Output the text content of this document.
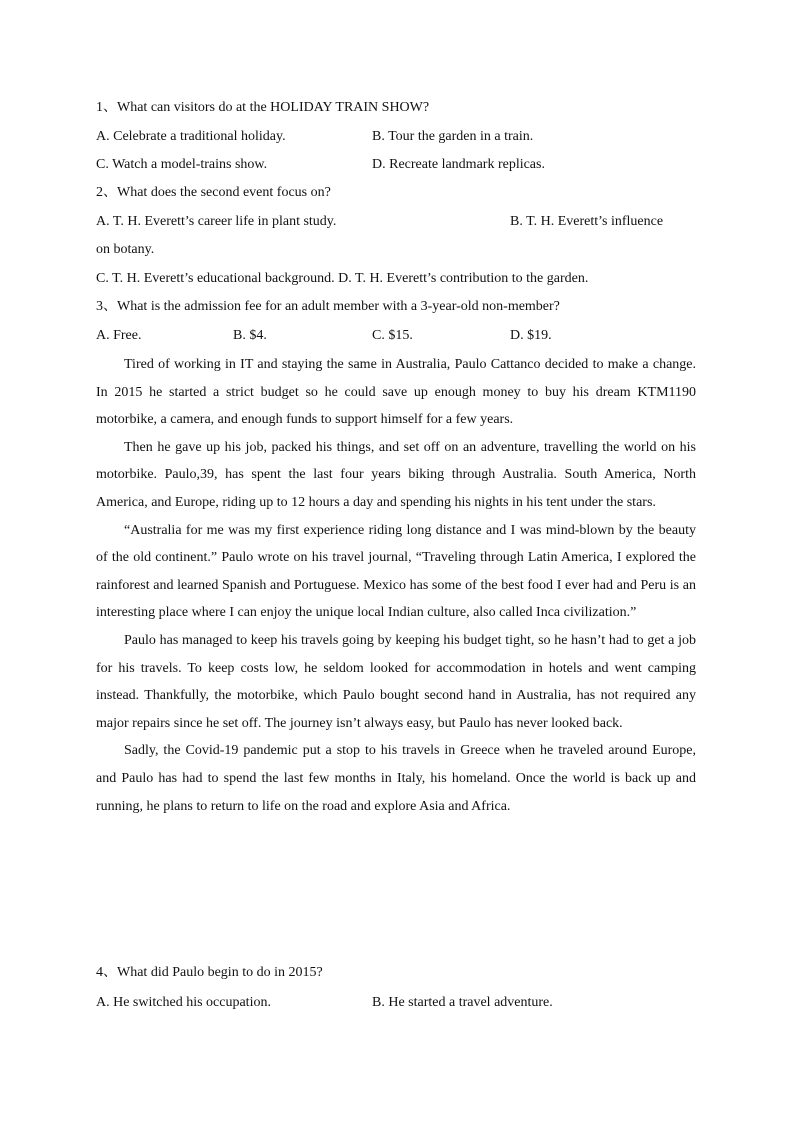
1、What can visitors do at the HOLIDAY TRAIN SHOW?
A. Celebrate a traditional holiday.	B. Tour the garden in a train.
C. Watch a model-trains show.	D. Recreate landmark replicas.
2、What does the second event focus on?
A. T. H. Everett’s career life in plant study.	B. T. H. Everett’s influence
on botany.
C. T. H. Everett’s educational background. D. T. H. Everett’s contribution to the garden.
3、What is the admission fee for an adult member with a 3-year-old non-member?
A. Free.	B. $4.	C. $15.	D. $19.

Tired of working in IT and staying the same in Australia, Paulo Cattanco decided to make a change. In 2015 he started a strict budget so he could save up enough money to buy his dream KTM1190 motorbike, a camera, and enough funds to support himself for a few years.

Then he gave up his job, packed his things, and set off on an adventure, travelling the world on his motorbike. Paulo,39, has spent the last four years biking through Australia. South America, North America, and Europe, riding up to 12 hours a day and spending his nights in his tent under the stars.

“Australia for me was my first experience riding long distance and I was mind-blown by the beauty of the old continent.” Paulo wrote on his travel journal, “Traveling through Latin America, I explored the rainforest and learned Spanish and Portuguese. Mexico has some of the best food I ever had and Peru is an interesting place where I can enjoy the unique local Indian culture, also called Inca civilization.”

Paulo has managed to keep his travels going by keeping his budget tight, so he hasn’t had to get a job for his travels. To keep costs low, he seldom looked for accommodation in hotels and went camping instead. Thankfully, the motorbike, which Paulo bought second hand in Australia, has not required any major repairs since he set off. The journey isn’t always easy, but Paulo has never looked back.

Sadly, the Covid-19 pandemic put a stop to his travels in Greece when he traveled around Europe, and Paulo has had to spend the last few months in Italy, his homeland. Once the world is back up and running, he plans to return to life on the road and explore Asia and Africa.

4、What did Paulo begin to do in 2015?
A. He switched his occupation.	B. He started a travel adventure.
